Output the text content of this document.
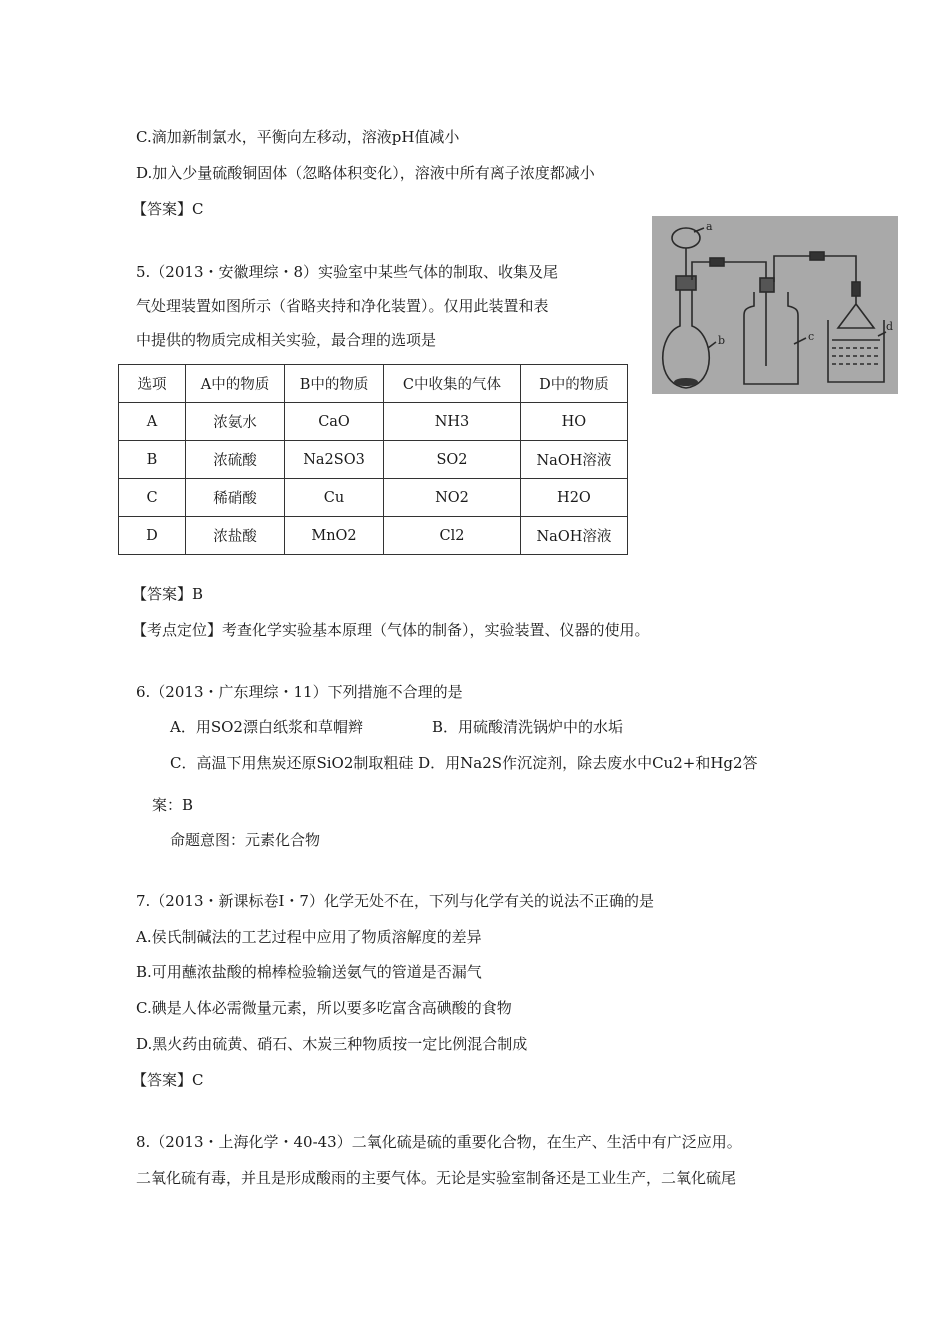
C.滴加新制氯水，平衡向左移动，溶液pH值减小
D.加入少量硫酸铜固体（忽略体积变化），溶液中所有离子浓度都减小
【答案】C
5.（2013・安徽理综・8）实验室中某些气体的制取、收集及尾
气处理装置如图所示（省略夹持和净化装置）。仅用此装置和表
中提供的物质完成相关实验，最合理的选项是
选项	A中的物质	B中的物质	C中收集的气体	D中的物质
A	浓氨水	CaO	NH3	HO
B	浓硫酸	Na2SO3	SO2	NaOH溶液
C	稀硝酸	Cu	NO2	H2O
D	浓盐酸	MnO2	Cl2	NaOH溶液
a
b	c
d
【答案】B
【考点定位】考查化学实验基本原理（气体的制备），实验装置、仪器的使用。
6.（2013・广东理综・11）下列措施不合理的是
A．用SO2漂白纸浆和草帽辫	B．用硫酸清洗锅炉中的水垢
C．高温下用焦炭还原SiO2制取粗硅 D．用Na2S作沉淀剂，除去废水中Cu2+和Hg2答
案：B
命题意图：元素化合物
7.（2013・新课标卷Ⅰ・7）化学无处不在，下列与化学有关的说法不正确的是
A.侯氏制碱法的工艺过程中应用了物质溶解度的差异
B.可用蘸浓盐酸的棉棒检验输送氨气的管道是否漏气
C.碘是人体必需微量元素，所以要多吃富含高碘酸的食物
D.黑火药由硫黄、硝石、木炭三种物质按一定比例混合制成
【答案】C
8.（2013・上海化学・40-43）二氧化硫是硫的重要化合物，在生产、生活中有广泛应用。
二氧化硫有毒，并且是形成酸雨的主要气体。无论是实验室制备还是工业生产，二氧化硫尾
